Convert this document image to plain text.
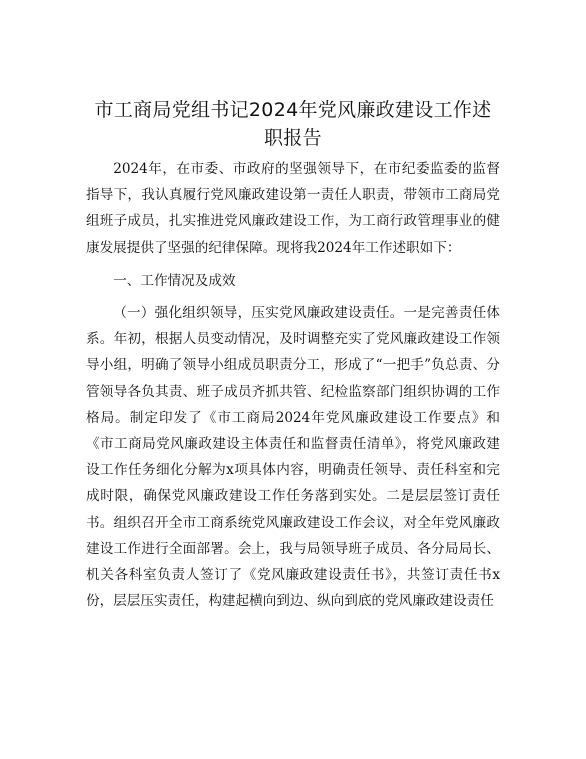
市工商局党组书记2024年党风廉政建设工作述职报告

2024年，在市委、市政府的坚强领导下，在市纪委监委的监督指导下，我认真履行党风廉政建设第一责任人职责，带领市工商局党组班子成员，扎实推进党风廉政建设工作，为工商行政管理事业的健康发展提供了坚强的纪律保障。现将我2024年工作述职如下：

一、工作情况及成效

（一）强化组织领导，压实党风廉政建设责任。一是完善责任体系。年初，根据人员变动情况，及时调整充实了党风廉政建设工作领导小组，明确了领导小组成员职责分工，形成了“一把手”负总责、分管领导各负其责、班子成员齐抓共管、纪检监察部门组织协调的工作格局。制定印发了《市工商局2024年党风廉政建设工作要点》和《市工商局党风廉政建设主体责任和监督责任清单》，将党风廉政建设工作任务细化分解为x项具体内容，明确责任领导、责任科室和完成时限，确保党风廉政建设工作任务落到实处。二是层层签订责任书。组织召开全市工商系统党风廉政建设工作会议，对全年党风廉政建设工作进行全面部署。会上，我与局领导班子成员、各分局局长、机关各科室负责人签订了《党风廉政建设责任书》，共签订责任书x份，层层压实责任，构建起横向到边、纵向到底的党风廉政建设责任
